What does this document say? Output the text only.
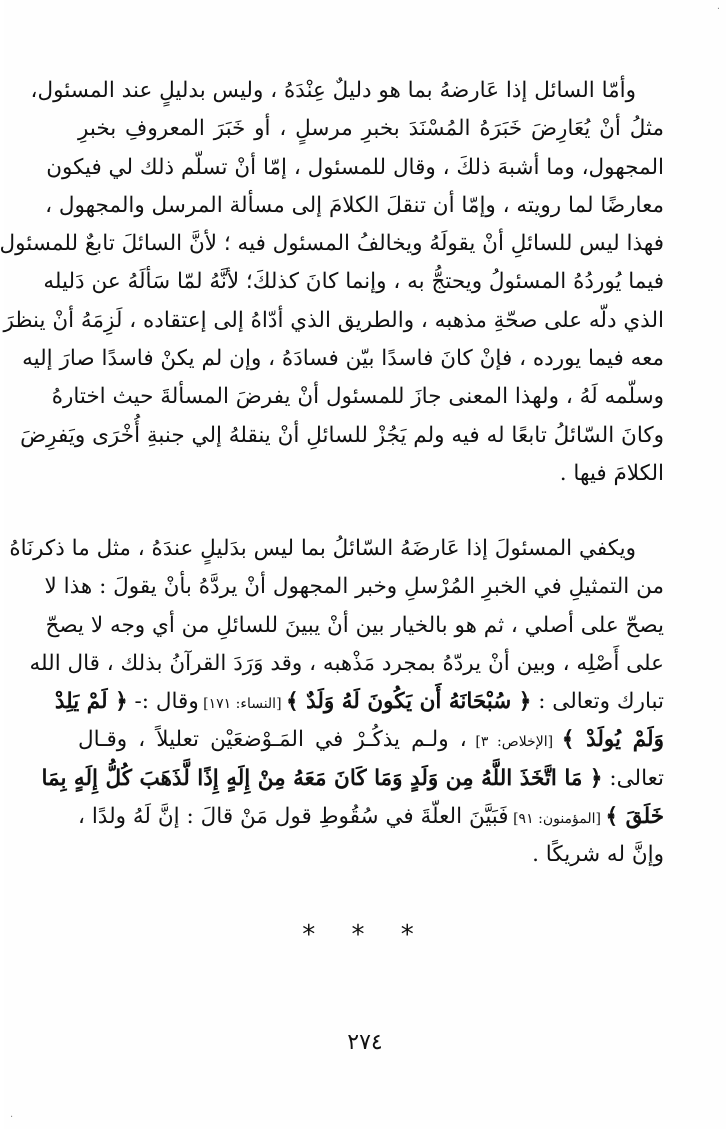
وأمّا السائل إذا عَارضهُ بما هو دليلٌ عِنْدَهُ ، وليس بدليلٍ عند المسئول،
مثلُ أنْ يُعَارِضَ خَبَرَهُ المُسْنَدَ بخبرِ مرسلٍ ، أو خَبَرَ المعروفِ بخبرِ
المجهول، وما أشبهَ ذلكَ ، وقال للمسئول ، إمّا أنْ تسلّم ذلك لي فيكون
معارضًا لما رويته ، وإمّا أن تنقلَ الكلامَ إلى مسألة المرسل والمجهول ،
فهذا ليس للسائلِ أنْ يقولَهُ ويخالفُ المسئول فيه ؛ لأنَّ السائلَ تابعٌ للمسئول
فيما يُوردُهُ المسئولُ ويحتجُّ به ، وإنما كانَ كذلكَ؛ لأنَّهُ لمّا سَألَهُ عن دَليله
الذي دلّه على صحّةِ مذهبه ، والطريق الذي أدّاهُ إلى إعتقاده ، لَزِمَهُ أنْ ينظرَ
معه فيما يورده ، فإنْ كانَ فاسدًا بيّن فسادَهُ ، وإن لم يكنْ فاسدًا صارَ إليه
وسلّمه لَهُ ، ولهذا المعنى جازَ للمسئول أنْ يفرضَ المسألةَ حيث اختارهُ
وكانَ السّائلُ تابعًا له فيه ولم يَجُزْ للسائلِ أنْ ينقلهُ إلي جنبةِ أُخْرَى ويَفرِضَ
الكلامَ فيها .
ويكفي المسئولَ إذا عَارضَهُ السّائلُ بما ليس بدَليلٍ عندَهُ ، مثل ما ذكرنَاهُ
من التمثيلِ في الخبرِ المُرْسلِ وخبر المجهول أنْ يردَّهُ بأنْ يقولَ : هذا لا
يصحّ على أصلي ، ثم هو بالخيار بين أنْ يبينَ للسائلِ من أي وجه لا يصحّ
على أَصْلِه ، وبين أنْ يردّهُ بمجرد مَذْهبه ، وقد وَرَدَ القرآنُ بذلك ، قال الله
تبارك وتعالى : ﴿ سُبْحَانَهُ أَن يَكُونَ لَهُ وَلَدٌ ﴾ [النساء: ١٧١] وقال :- ﴿ لَمْ يَلِدْ
وَلَمْ يُولَدْ ﴾ [الإخلاص: ٣] ، ولـم يذكُـرْ في المَـوْضعَيْن تعليلاً ، وقـال
تعالى: ﴿ مَا اتَّخَذَ اللَّهُ مِن وَلَدٍ وَمَا كَانَ مَعَهُ مِنْ إِلَهٍ إِذًا لَّذَهَبَ كُلُّ إِلَهٍ بِمَا
خَلَقَ ﴾ [المؤمنون: ٩١] فَبَيَّنَ العلّةَ في سُقُوطِ قول مَنْ قالَ : إنَّ لَهُ ولدًا ،
وإنَّ له شريكًا .
* * *
٢٧٤
·
·
